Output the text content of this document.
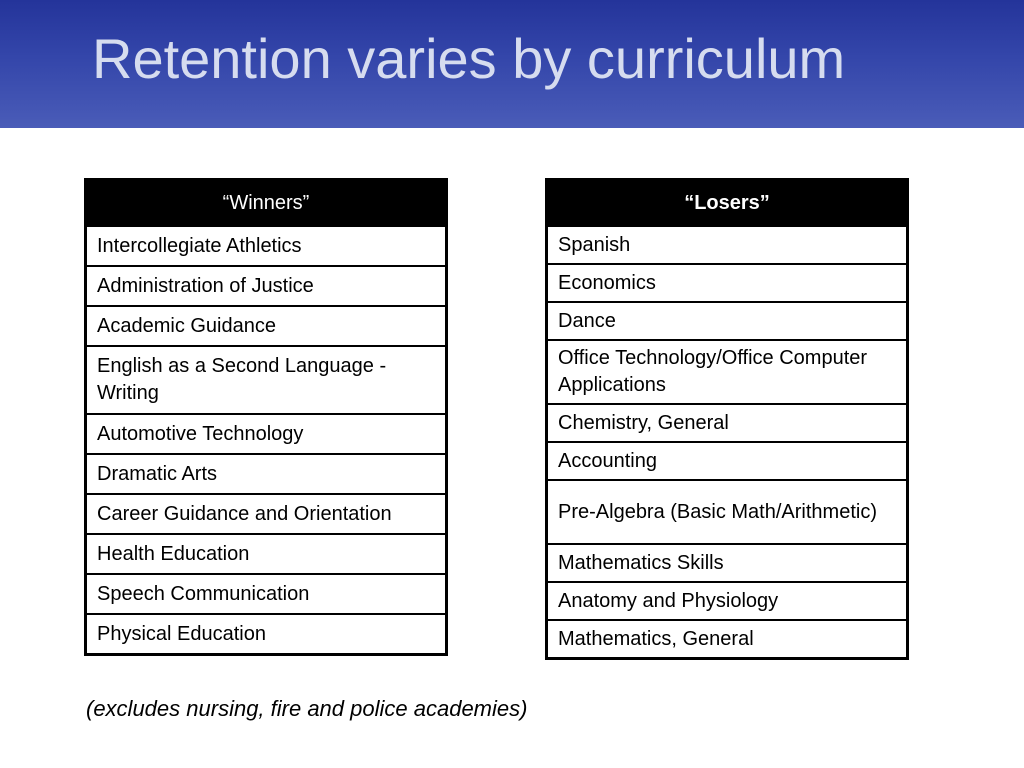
Retention varies by curriculum
“Winners”
Intercollegiate Athletics
Administration of Justice
Academic Guidance
English as a Second Language - Writing
Automotive Technology
Dramatic Arts
Career Guidance and Orientation
Health Education
Speech Communication
Physical Education
“Losers”
Spanish
Economics
Dance
Office Technology/Office Computer Applications
Chemistry, General
Accounting
Pre-Algebra (Basic Math/Arithmetic)
Mathematics Skills
Anatomy and Physiology
Mathematics, General

(excludes nursing, fire and police academies)
